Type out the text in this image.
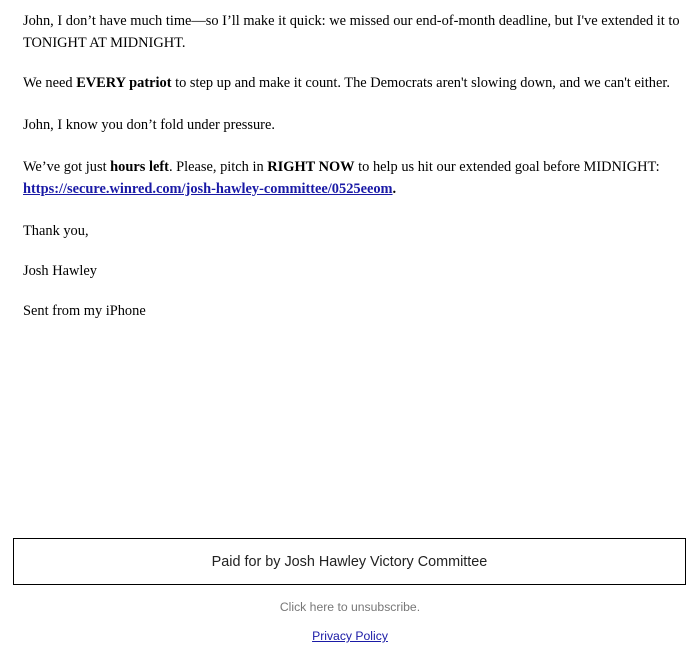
John, I don’t have much time—so I’ll make it quick: we missed our end-of-month deadline, but I've extended it to TONIGHT AT MIDNIGHT.

We need EVERY patriot to step up and make it count. The Democrats aren't slowing down, and we can't either.

John, I know you don’t fold under pressure.

We’ve got just hours left. Please, pitch in RIGHT NOW to help us hit our extended goal before MIDNIGHT:
https://secure.winred.com/josh-hawley-committee/0525eeom.

Thank you,

Josh Hawley

Sent from my iPhone

Paid for by Josh Hawley Victory Committee
Click here to unsubscribe.
Privacy Policy
